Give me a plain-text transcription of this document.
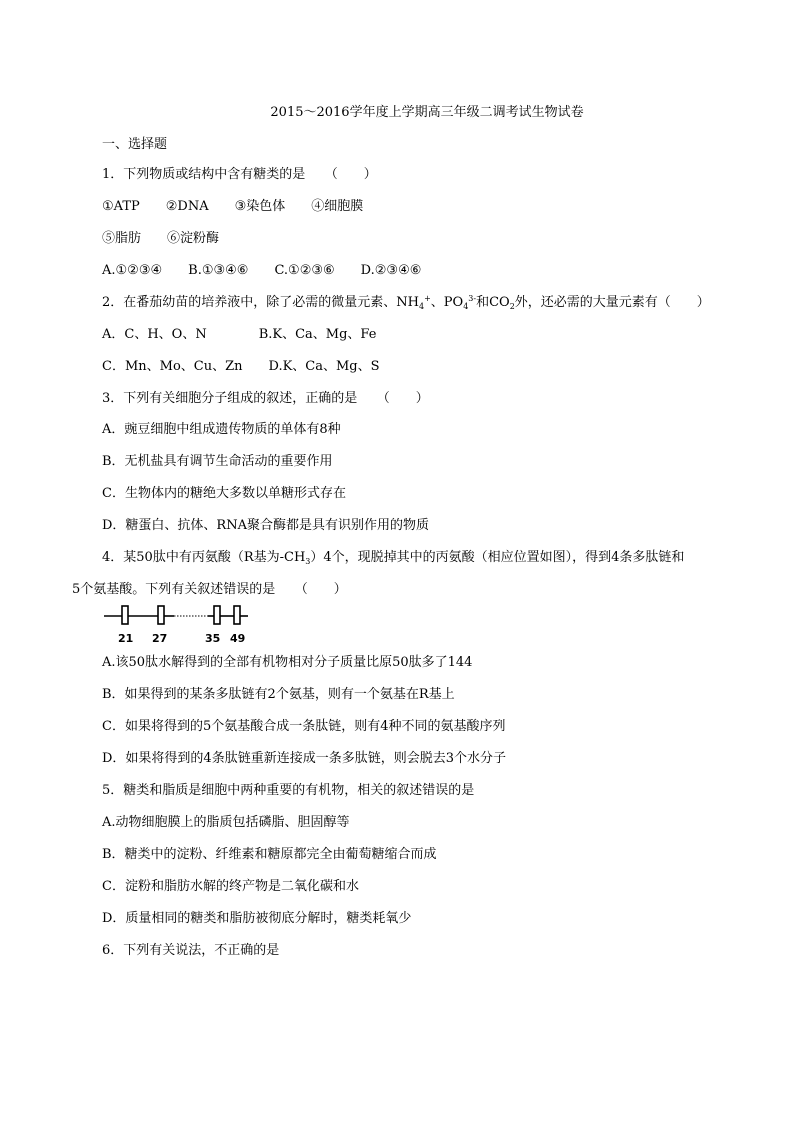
2015～2016学年度上学期高三年级二调考试生物试卷
一、选择题
1．下列物质或结构中含有糖类的是　　（　　）
①ATP　　②DNA　　③染色体　　④细胞膜
⑤脂肪　　⑥淀粉酶
A.①②③④　　B.①③④⑥　　C.①②③⑥　　D.②③④⑥
2．在番茄幼苗的培养液中，除了必需的微量元素、$NH_4^+$、$PO_4^{3-}$和$CO_2$外，还必需的大量元素有（　　）
A．C、H、O、N　　　　B.K、Ca、Mg、Fe
C．Mn、Mo、Cu、Zn　　D.K、Ca、Mg、S
3．下列有关细胞分子组成的叙述，正确的是　　（　　）
A．豌豆细胞中组成遗传物质的单体有8种
B．无机盐具有调节生命活动的重要作用
C．生物体内的糖绝大多数以单糖形式存在
D．糖蛋白、抗体、RNA聚合酶都是具有识别作用的物质
4．某50肽中有丙氨酸（R基为$-CH_3)4$个，现脱掉其中的丙氨酸（相应位置如图），得到4条多肽链和
5个氨基酸。下列有关叙述错误的是　　（　　）
21 27	35 49
A.该50肽水解得到的全部有机物相对分子质量比原50肽多了144
B．如果得到的某条多肽链有2个氨基，则有一个氨基在R基上
C．如果将得到的5个氨基酸合成一条肽链，则有4种不同的氨基酸序列
D．如果将得到的4条肽链重新连接成一条多肽链，则会脱去3个水分子
5．糖类和脂质是细胞中两种重要的有机物，相关的叙述错误的是
A.动物细胞膜上的脂质包括磷脂、胆固醇等
B．糖类中的淀粉、纤维素和糖原都完全由葡萄糖缩合而成
C．淀粉和脂肪水解的终产物是二氧化碳和水
D．质量相同的糖类和脂肪被彻底分解时，糖类耗氧少
6．下列有关说法，不正确的是
